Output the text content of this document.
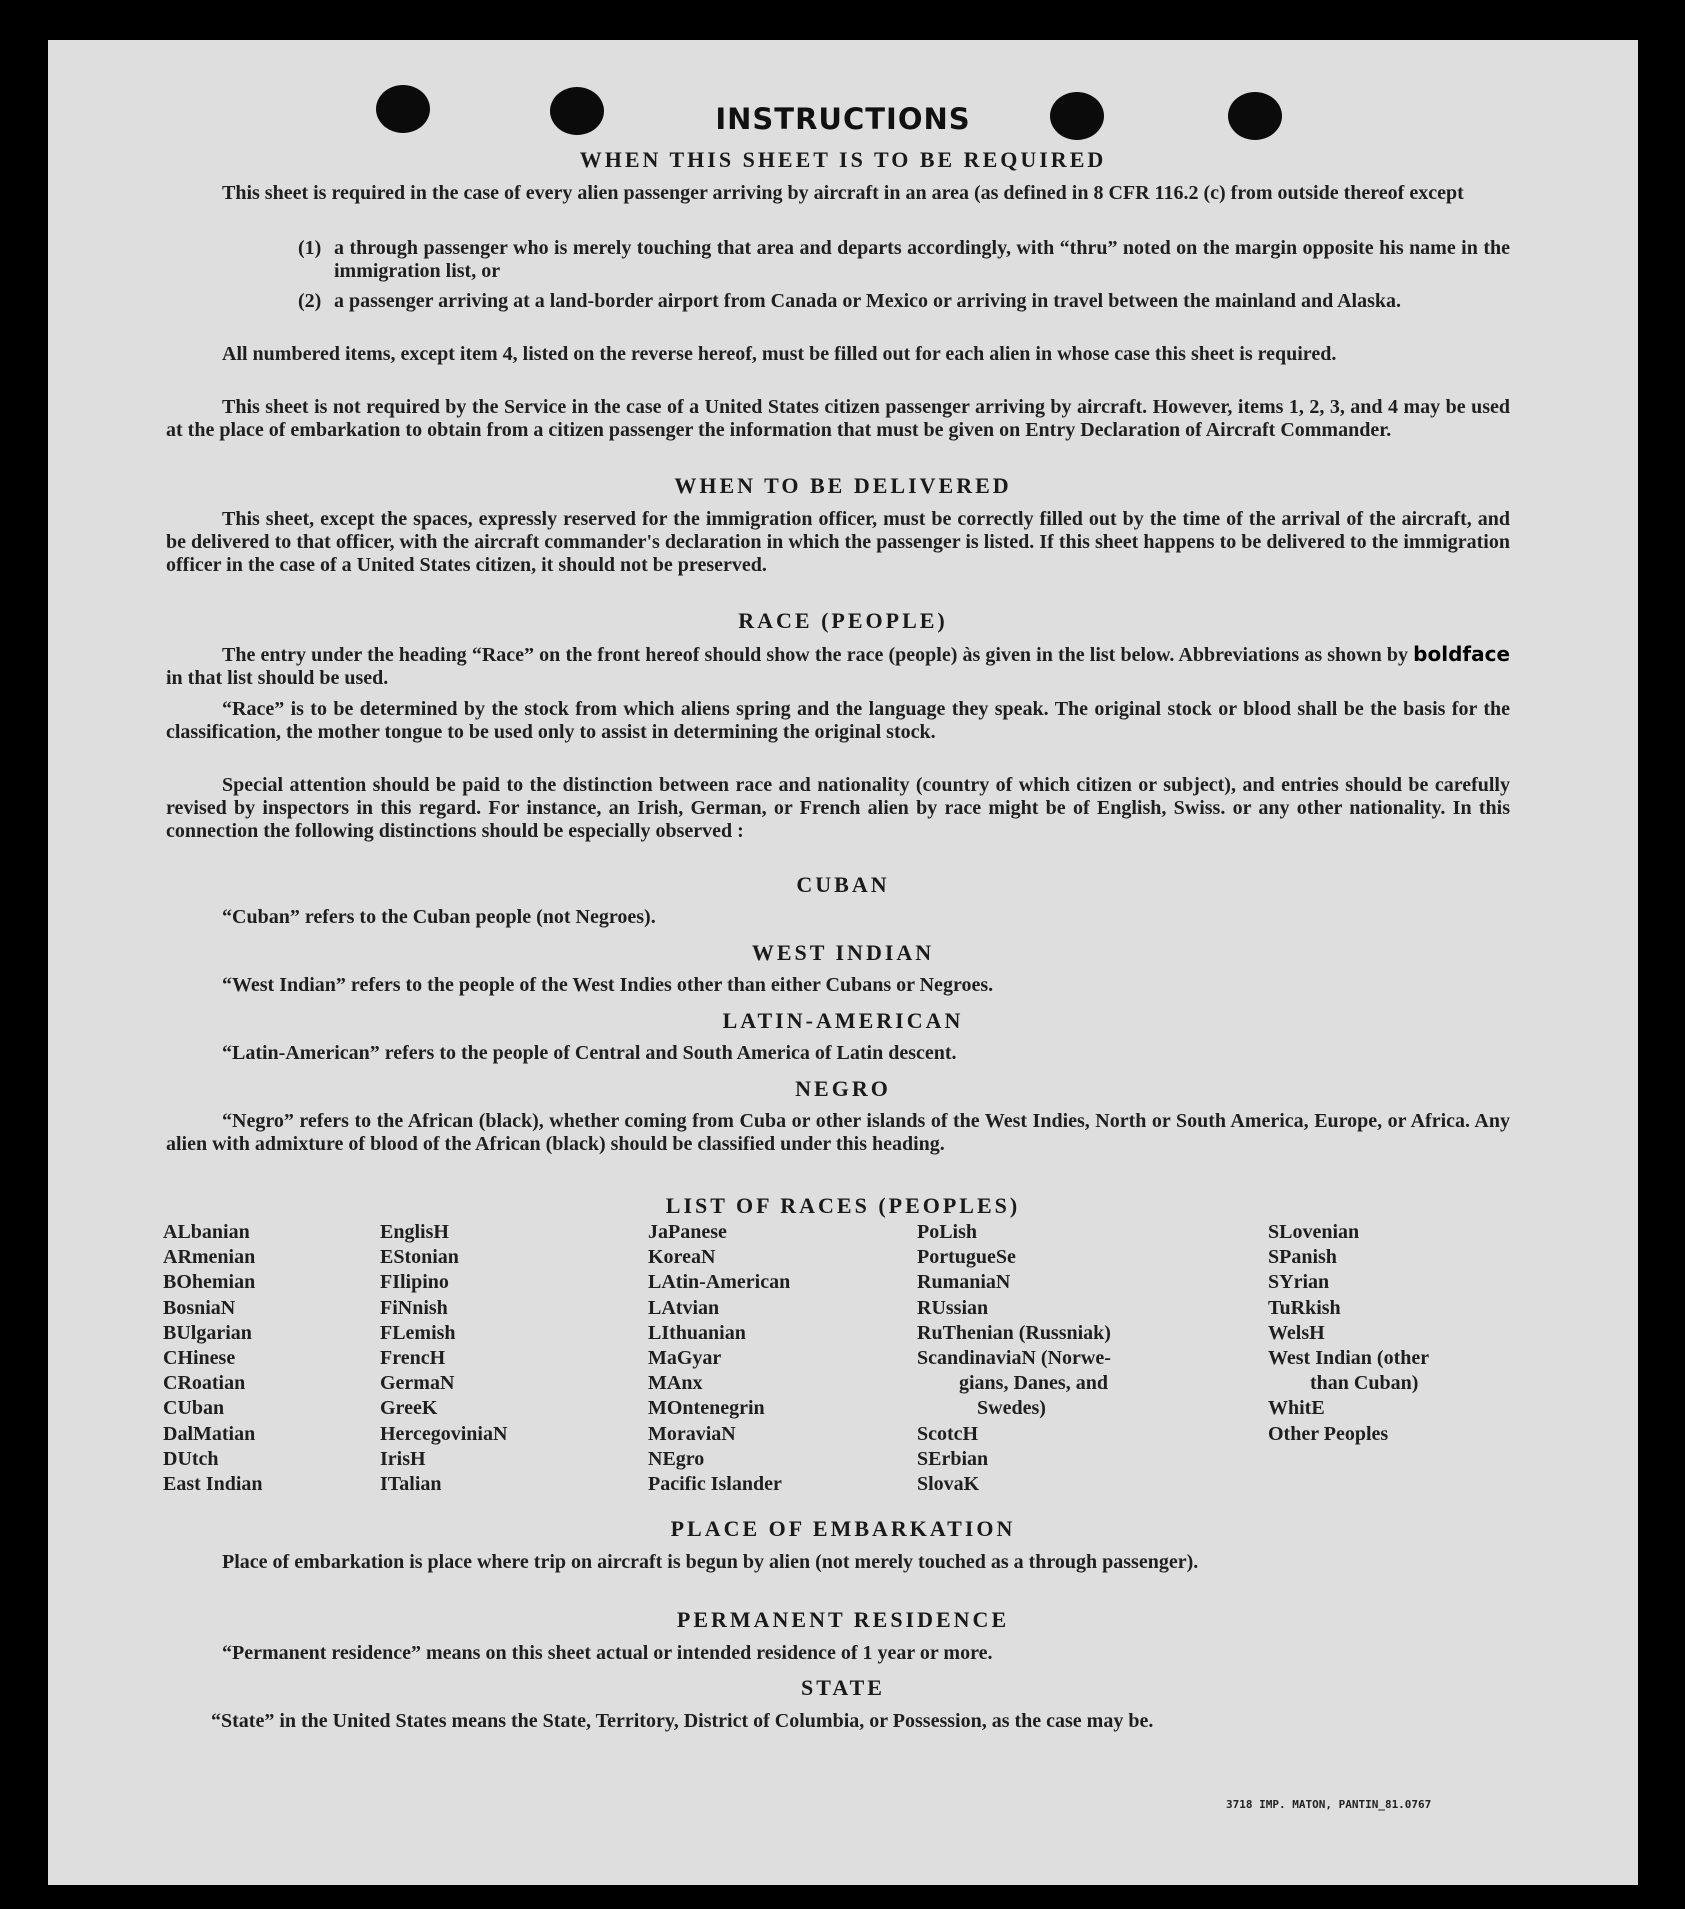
INSTRUCTIONS
WHEN THIS SHEET IS TO BE REQUIRED

This sheet is required in the case of every alien passenger arriving by aircraft in an area (as defined in 8 CFR 116.2 (c) from outside thereof except

(1) a through passenger who is merely touching that area and departs accordingly, with “thru” noted on the margin opposite his name in the immigration list, or
(2) a passenger arriving at a land-border airport from Canada or Mexico or arriving in travel between the mainland and Alaska.

All numbered items, except item 4, listed on the reverse hereof, must be filled out for each alien in whose case this sheet is required.

This sheet is not required by the Service in the case of a United States citizen passenger arriving by aircraft. However, items 1, 2, 3, and 4 may be used at the place of embarkation to obtain from a citizen passenger the information that must be given on Entry Declaration of Aircraft Commander.

WHEN TO BE DELIVERED

This sheet, except the spaces, expressly reserved for the immigration officer, must be correctly filled out by the time of the arrival of the aircraft, and be delivered to that officer, with the aircraft commander's declaration in which the passenger is listed. If this sheet happens to be delivered to the immigration officer in the case of a United States citizen, it should not be preserved.

RACE (PEOPLE)

The entry under the heading “Race” on the front hereof should show the race (people) às given in the list below. Abbreviations as shown by boldface in that list should be used.

“Race” is to be determined by the stock from which aliens spring and the language they speak. The original stock or blood shall be the basis for the classification, the mother tongue to be used only to assist in determining the original stock.

Special attention should be paid to the distinction between race and nationality (country of which citizen or subject), and entries should be carefully revised by inspectors in this regard. For instance, an Irish, German, or French alien by race might be of English, Swiss. or any other nationality. In this connection the following distinctions should be especially observed :

CUBAN

“Cuban” refers to the Cuban people (not Negroes).

WEST INDIAN

“West Indian” refers to the people of the West Indies other than either Cubans or Negroes.

LATIN-AMERICAN

“Latin-American” refers to the people of Central and South America of Latin descent.

NEGRO

“Negro” refers to the African (black), whether coming from Cuba or other islands of the West Indies, North or South America, Europe, or Africa. Any alien with admixture of blood of the African (black) should be classified under this heading.

LIST OF RACES (PEOPLES)
ALbanian
ARmenian
BOhemian
BosniaN
BUlgarian
CHinese
CRoatian
CUban
DalMatian
DUtch
East Indian
EnglisH
EStonian
FIlipino
FiNnish
FLemish
FrencH
GermaN
GreeK
HercegoviniaN
IrisH
ITalian
JaPanese
KoreaN
LAtin-American
LAtvian
LIthuanian
MaGyar
MAnx
MOntenegrin
MoraviaN
NEgro
Pacific Islander
PoLish
PortugueSe
RumaniaN
RUssian
RuThenian (Russniak)
ScandinaviaN (Norwe-
gians, Danes, and
Swedes)
ScotcH
SErbian
SlovaK
SLovenian
SPanish
SYrian
TuRkish
WelsH
West Indian (other
than Cuban)
WhitE
Other Peoples
PLACE OF EMBARKATION

Place of embarkation is place where trip on aircraft is begun by alien (not merely touched as a through passenger).

PERMANENT RESIDENCE

“Permanent residence” means on this sheet actual or intended residence of 1 year or more.

STATE

“State” in the United States means the State, Territory, District of Columbia, or Possession, as the case may be.

3718 IMP. MATON, PANTIN_81.0767
